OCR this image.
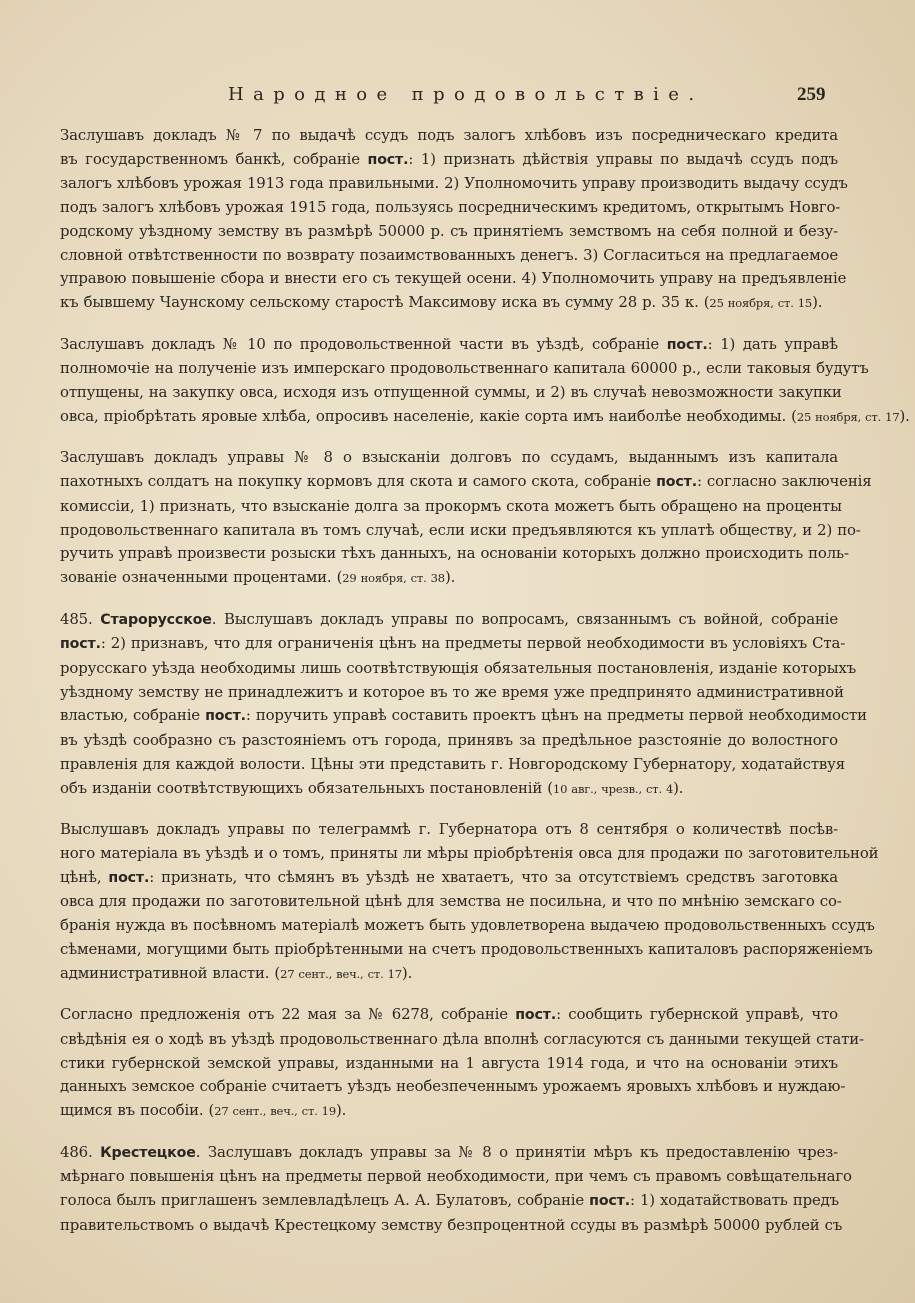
Народное продовольствіе.	259
Заслушавъ докладъ № 7 по выдачѣ ссудъ подъ залогъ хлѣбовъ изъ посредническаго кредита
въ государственномъ банкѣ, собраніе пост.: 1) признать дѣйствія управы по выдачѣ ссудъ подъ
залогъ хлѣбовъ урожая 1913 года правильными. 2) Уполномочить управу производить выдачу ссудъ
подъ залогъ хлѣбовъ урожая 1915 года, пользуясь посредническимъ кредитомъ, открытымъ Новго-
родскому уѣздному земству въ размѣрѣ 50000 р. съ принятіемъ земствомъ на себя полной и безу-
словной отвѣтственности по возврату позаимствованныхъ денегъ. 3) Согласиться на предлагаемое
управою повышеніе сбора и внести его съ текущей осени. 4) Уполномочить управу на предъявленіе
къ бывшему Чаунскому сельскому старостѣ Максимову иска въ сумму 28 р. 35 к. (25 ноября, ст. 15).
Заслушавъ докладъ № 10 по продовольственной части въ уѣздѣ, собраніе пост.: 1) дать управѣ
полномочіе на полученіе изъ имперскаго продовольственнаго капитала 60000 р., если таковыя будутъ
отпущены, на закупку овса, исходя изъ отпущенной суммы, и 2) въ случаѣ невозможности закупки
овса, пріобрѣтать яровые хлѣба, опросивъ населеніе, какіе сорта имъ наиболѣе необходимы. (25 ноября, ст. 17).
Заслушавъ докладъ управы № 8 о взысканіи долговъ по ссудамъ, выданнымъ изъ капитала
пахотныхъ солдатъ на покупку кормовъ для скота и самого скота, собраніе пост.: согласно заключенія
комиссіи, 1) признать, что взысканіе долга за прокормъ скота можетъ быть обращено на проценты
продовольственнаго капитала въ томъ случаѣ, если иски предъявляются къ уплатѣ обществу, и 2) по-
ручить управѣ произвести розыски тѣхъ данныхъ, на основаніи которыхъ должно происходить поль-
зованіе означенными процентами. (29 ноября, ст. 38).
485. Старорусское. Выслушавъ докладъ управы по вопросамъ, связаннымъ съ войной, собраніе
пост.: 2) признавъ, что для ограниченія цѣнъ на предметы первой необходимости въ условіяхъ Ста-
рорусскаго уѣзда необходимы лишь соотвѣтствующія обязательныя постановленія, изданіе которыхъ
уѣздному земству не принадлежитъ и которое въ то же время уже предпринято административной
властью, собраніе пост.: поручить управѣ составить проектъ цѣнъ на предметы первой необходимости
въ уѣздѣ сообразно съ разстояніемъ отъ города, принявъ за предѣльное разстояніе до волостного
правленія для каждой волости. Цѣны эти представить г. Новгородскому Губернатору, ходатайствуя
объ изданіи соотвѣтствующихъ обязательныхъ постановленій (10 авг., чрезв., ст. 4).
Выслушавъ докладъ управы по телеграммѣ г. Губернатора отъ 8 сентября о количествѣ посѣв-
ного матеріала въ уѣздѣ и о томъ, приняты ли мѣры пріобрѣтенія овса для продажи по заготовительной
цѣнѣ, пост.: признать, что сѣмянъ въ уѣздѣ не хватаетъ, что за отсутствіемъ средствъ заготовка
овса для продажи по заготовительной цѣнѣ для земства не посильна, и что по мнѣнію земскаго со-
бранія нужда въ посѣвномъ матеріалѣ можетъ быть удовлетворена выдачею продовольственныхъ ссудъ
сѣменами, могущими быть пріобрѣтенными на счетъ продовольственныхъ капиталовъ распоряженіемъ
административной власти. (27 сент., веч., ст. 17).
Согласно предложенія отъ 22 мая за № 6278, собраніе пост.: сообщить губернской управѣ, что
свѣдѣнія ея о ходѣ въ уѣздѣ продовольственнаго дѣла вполнѣ согласуются съ данными текущей стати-
стики губернской земской управы, изданными на 1 августа 1914 года, и что на основаніи этихъ
данныхъ земское собраніе считаетъ уѣздъ необезпеченнымъ урожаемъ яровыхъ хлѣбовъ и нуждаю-
щимся въ пособіи. (27 сент., веч., ст. 19).
486. Крестецкое. Заслушавъ докладъ управы за № 8 о принятіи мѣръ къ предоставленію чрез-
мѣрнаго повышенія цѣнъ на предметы первой необходимости, при чемъ съ правомъ совѣщательнаго
голоса былъ приглашенъ землевладѣлецъ А. А. Булатовъ, собраніе пост.: 1) ходатайствовать предъ
правительствомъ о выдачѣ Крестецкому земству безпроцентной ссуды въ размѣрѣ 50000 рублей съ
